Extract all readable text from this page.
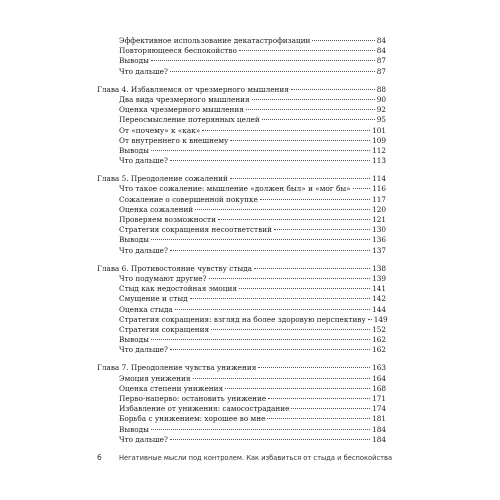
Эффективное использование декатастрофизации	84
Повторяющееся беспокойство	84
Выводы	87
Что дальше?	87
Глава 4. Избавляемся от чрезмерного мышления	88
Два вида чрезмерного мышления	90
Оценка чрезмерного мышления	92
Переосмысление потерянных целей	95
От «почему» к «как»	101
От внутреннего к внешнему	109
Выводы	112
Что дальше?	113
Глава 5. Преодоление сожалений	114
Что такое сожаление: мышление «должен был» и «мог бы»	116
Сожаление о совершенной покупке	117
Оценка сожалений	120
Проверяем возможности	121
Стратегия сокращения несоответствий	130
Выводы	136
Что дальше?	137
Глава 6. Противостояние чувству стыда	138
Что подумают другие?	139
Стыд как недостойная эмоция	141
Смущение и стыд	142
Оценка стыда	144
Стратегия сокращения: взгляд на более здоровую перспективу 149
Стратегия сокращения	152
Выводы	162
Что дальше?	162
Глава 7. Преодоление чувства унижения	163
Эмоция унижения	164
Оценка степени унижения	168
Перво-наперво: остановить унижение	171
Избавление от унижения: самосострадание	174
Борьба с унижением: хорошее во мне	181
Выводы	184
Что дальше?	184
6	Негативные мысли под контролем. Как избавиться от стыда и беспокойства
